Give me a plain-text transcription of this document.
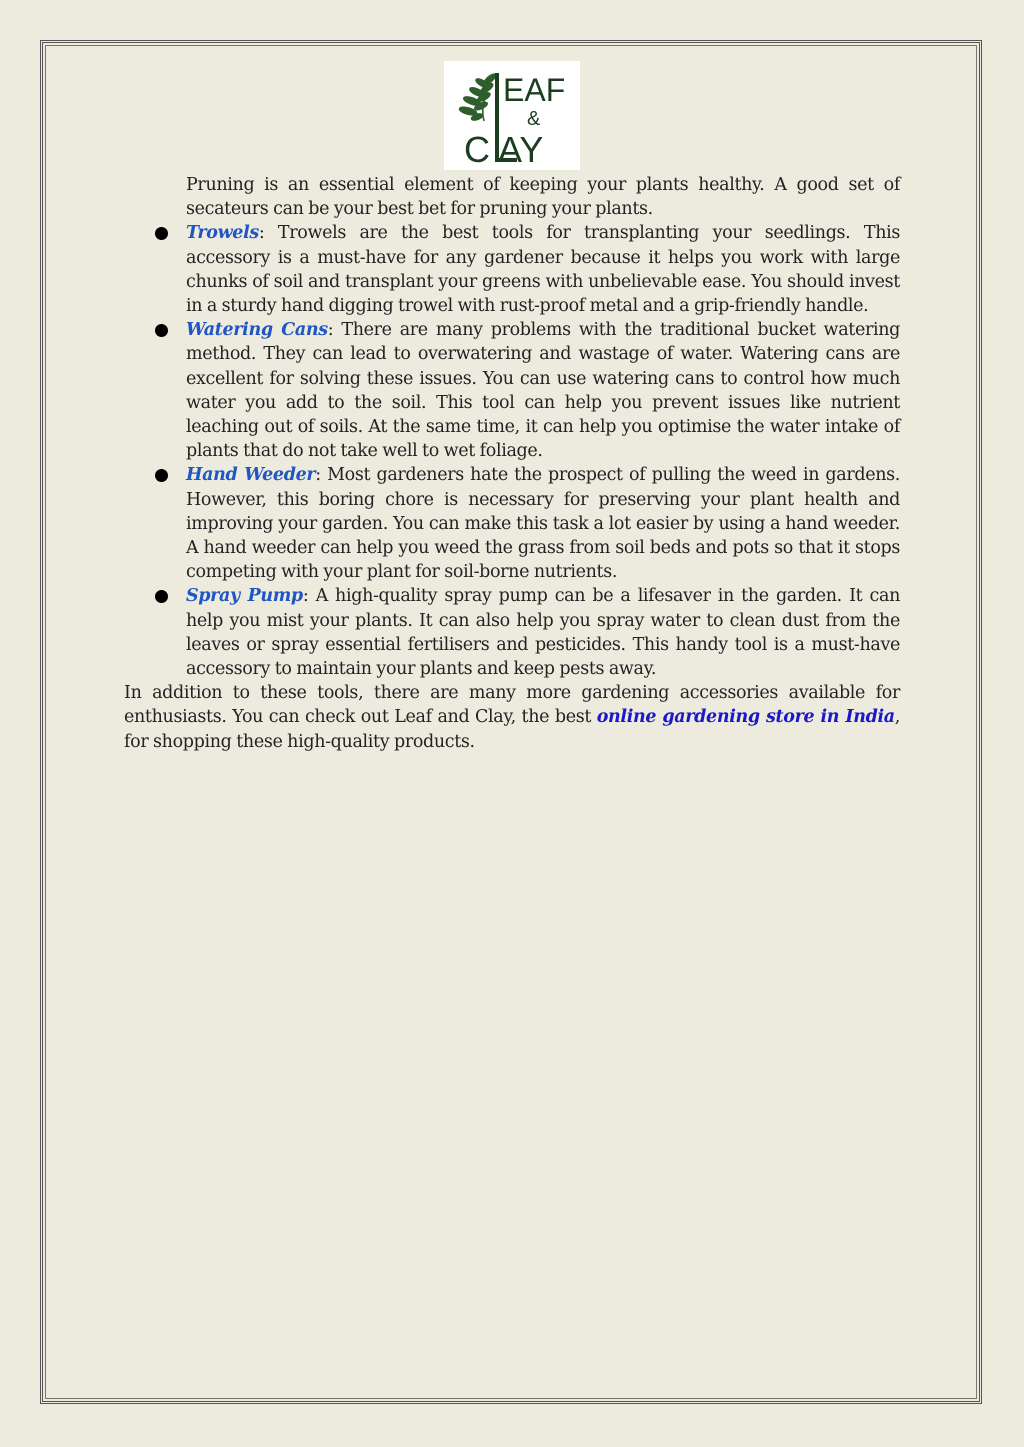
EAF
&
C AY

Pruning is an essential element of keeping your plants healthy. A good set of secateurs can be your best bet for pruning your plants.

Trowels: Trowels are the best tools for transplanting your seedlings. This accessory is a must-have for any gardener because it helps you work with large chunks of soil and transplant your greens with unbelievable ease. You should invest in a sturdy hand digging trowel with rust-proof metal and a grip-friendly handle.
Watering Cans: There are many problems with the traditional bucket watering method. They can lead to overwatering and wastage of water. Watering cans are excellent for solving these issues. You can use watering cans to control how much water you add to the soil. This tool can help you prevent issues like nutrient leaching out of soils. At the same time, it can help you optimise the water intake of plants that do not take well to wet foliage.
Hand Weeder: Most gardeners hate the prospect of pulling the weed in gardens. However, this boring chore is necessary for preserving your plant health and improving your garden. You can make this task a lot easier by using a hand weeder. A hand weeder can help you weed the grass from soil beds and pots so that it stops competing with your plant for soil-borne nutrients.
Spray Pump: A high-quality spray pump can be a lifesaver in the garden. It can help you mist your plants. It can also help you spray water to clean dust from the leaves or spray essential fertilisers and pesticides. This handy tool is a must-have accessory to maintain your plants and keep pests away.

In addition to these tools, there are many more gardening accessories available for enthusiasts. You can check out Leaf and Clay, the best online gardening store in India, for shopping these high-quality products.
